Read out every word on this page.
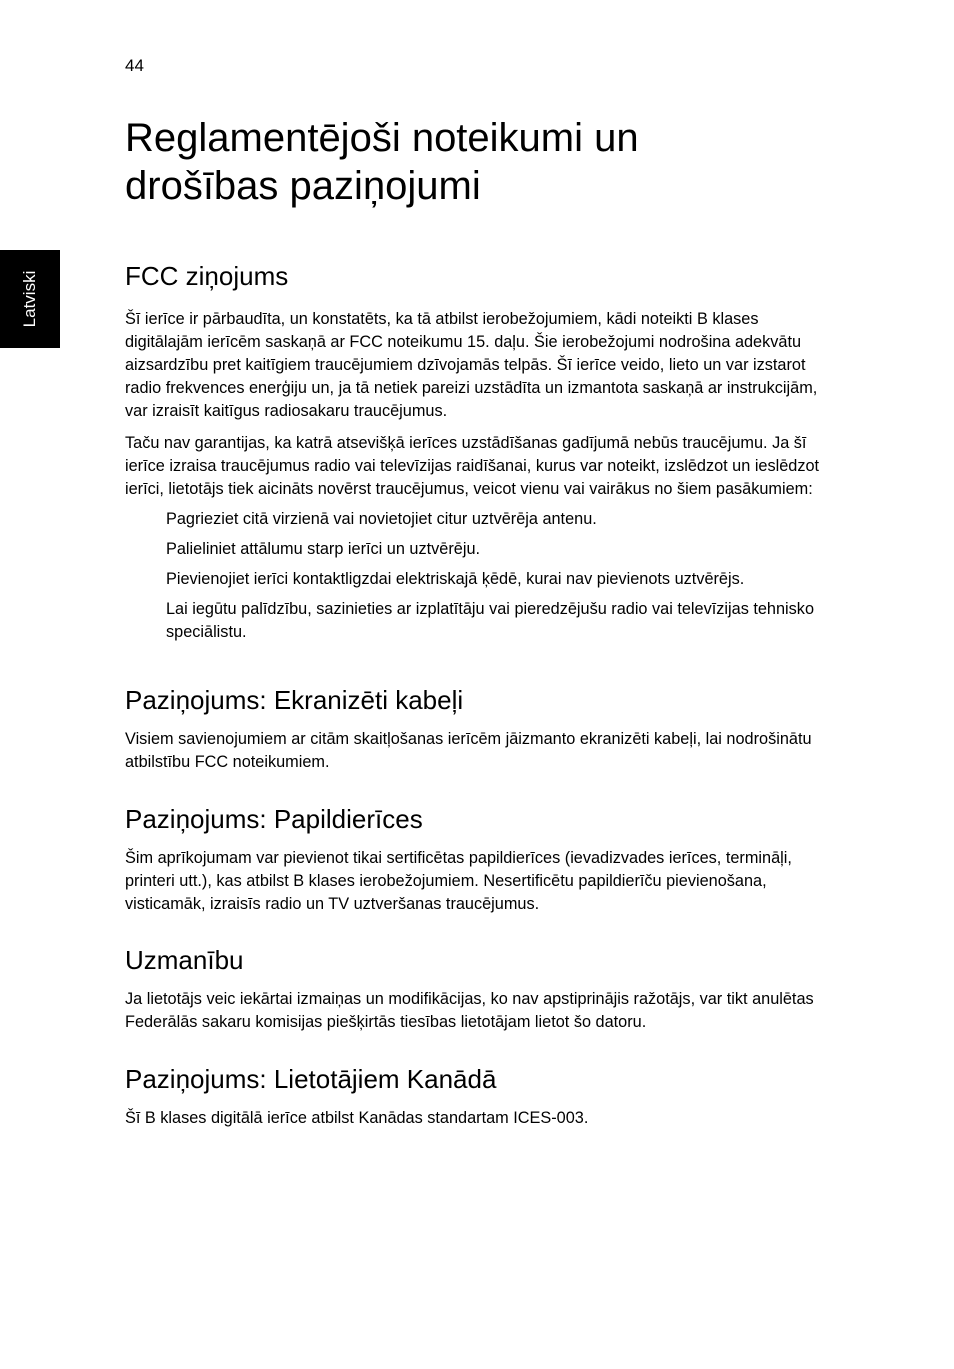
44
Latviski
Reglamentējoši noteikumi un
drošības paziņojumi
FCC ziņojums

Šī ierīce ir pārbaudīta, un konstatēts, ka tā atbilst ierobežojumiem, kādi noteikti B klases digitālajām ierīcēm saskaņā ar FCC noteikumu 15. daļu. Šie ierobežojumi nodrošina adekvātu aizsardzību pret kaitīgiem traucējumiem dzīvojamās telpās. Šī ierīce veido, lieto un var izstarot radio frekvences enerģiju un, ja tā netiek pareizi uzstādīta un izmantota saskaņā ar instrukcijām, var izraisīt kaitīgus radiosakaru traucējumus.

Taču nav garantijas, ka katrā atsevišķā ierīces uzstādīšanas gadījumā nebūs traucējumu. Ja šī ierīce izraisa traucējumus radio vai televīzijas raidīšanai, kurus var noteikt, izslēdzot un ieslēdzot ierīci, lietotājs tiek aicināts novērst traucējumus, veicot vienu vai vairākus no šiem pasākumiem:

Pagrieziet citā virzienā vai novietojiet citur uztvērēja antenu.
Palieliniet attālumu starp ierīci un uztvērēju.
Pievienojiet ierīci kontaktligzdai elektriskajā ķēdē, kurai nav pievienots uztvērējs.
Lai iegūtu palīdzību, sazinieties ar izplatītāju vai pieredzējušu radio vai televīzijas tehnisko speciālistu.
Paziņojums: Ekranizēti kabeļi

Visiem savienojumiem ar citām skaitļošanas ierīcēm jāizmanto ekranizēti kabeļi, lai nodrošinātu atbilstību FCC noteikumiem.

Paziņojums: Papildierīces

Šim aprīkojumam var pievienot tikai sertificētas papildierīces (ievadizvades ierīces, termināļi, printeri utt.), kas atbilst B klases ierobežojumiem. Nesertificētu papildierīču pievienošana, visticamāk, izraisīs radio un TV uztveršanas traucējumus.

Uzmanību

Ja lietotājs veic iekārtai izmaiņas un modifikācijas, ko nav apstiprinājis ražotājs, var tikt anulētas Federālās sakaru komisijas piešķirtās tiesības lietotājam lietot šo datoru.

Paziņojums: Lietotājiem Kanādā

Šī B klases digitālā ierīce atbilst Kanādas standartam ICES-003.
